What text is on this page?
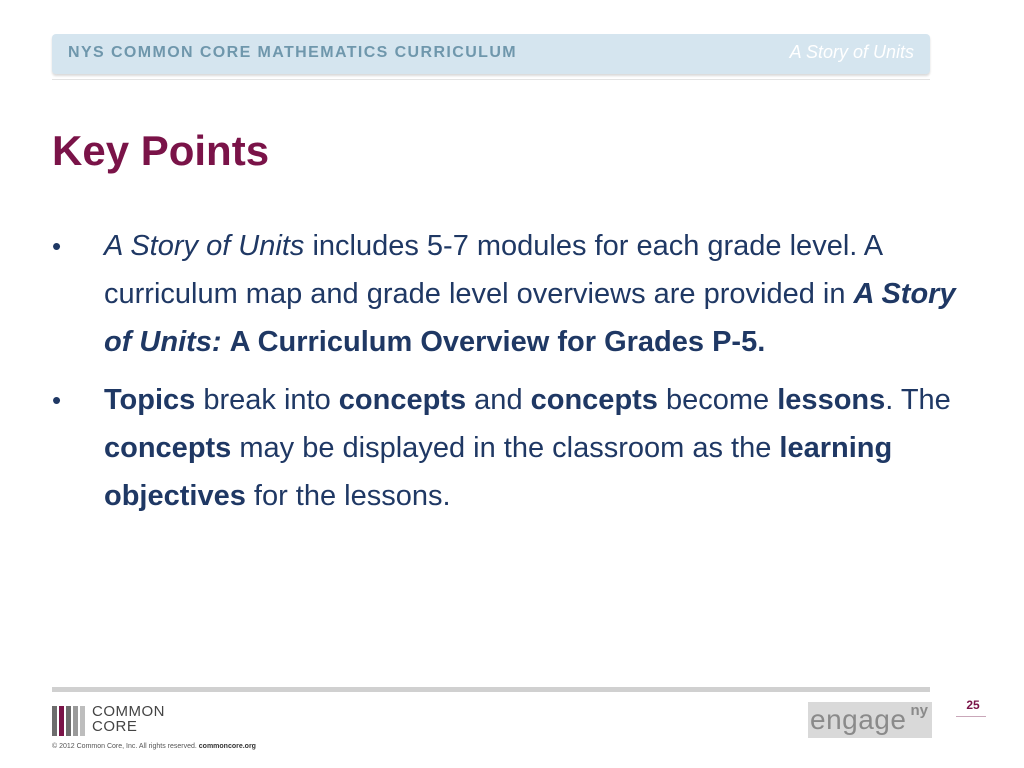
NYS COMMON CORE MATHEMATICS CURRICULUM	A Story of Units
Key Points
• A Story of Units includes 5-7 modules for each grade level. A curriculum map and grade level overviews are provided in A Story of Units: A Curriculum Overview for Grades P-5.
• Topics break into concepts and concepts become lessons. The concepts may be displayed in the classroom as the learning objectives for the lessons.
COMMON
CORE
© 2012 Common Core, Inc. All rights reserved. commoncore.org
engage ny	25
